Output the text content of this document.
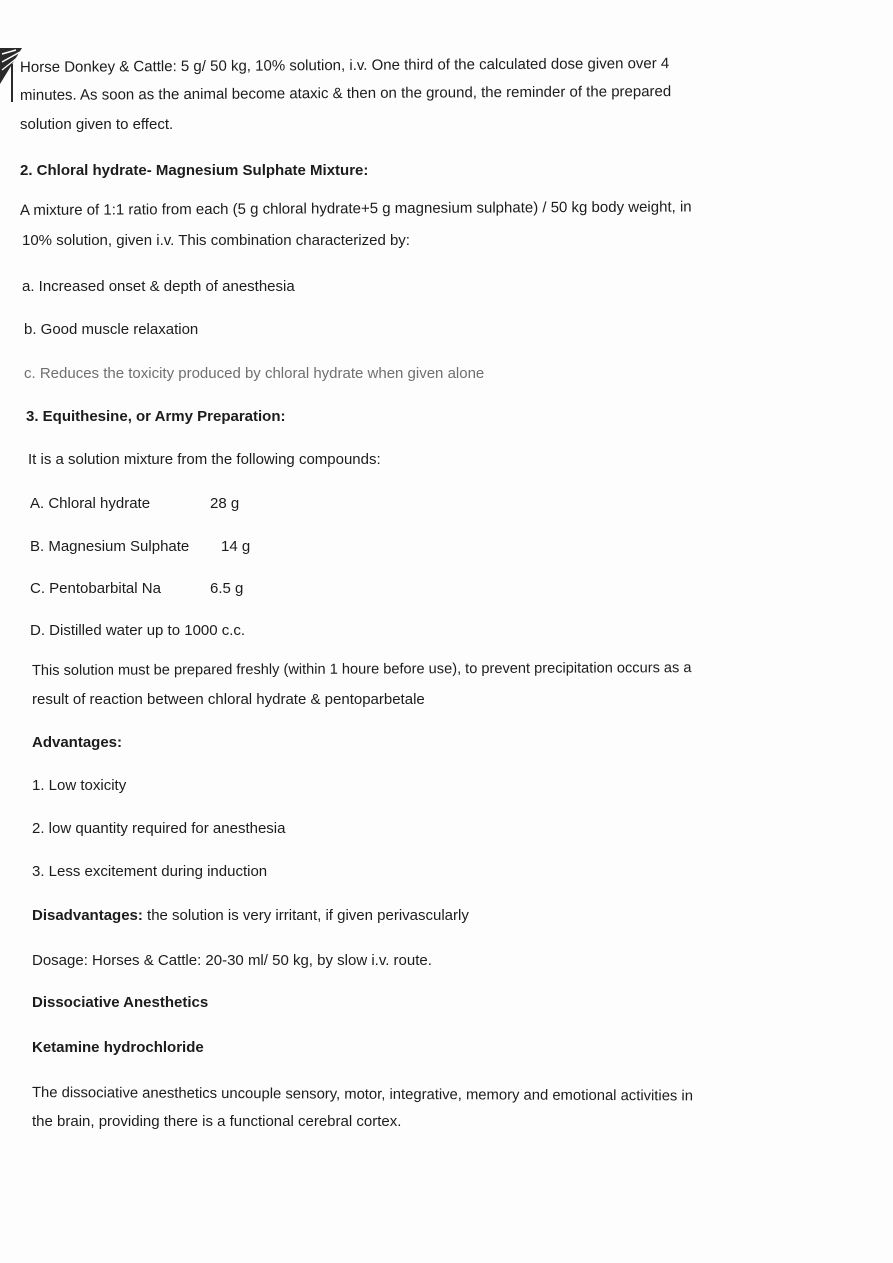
Horse Donkey & Cattle: 5 g/ 50 kg, 10% solution, i.v. One third of the calculated dose given over 4

minutes. As soon as the animal become ataxic & then on the ground, the reminder of the prepared

solution given to effect.

2. Chloral hydrate- Magnesium Sulphate Mixture:

A mixture of 1:1 ratio from each (5 g chloral hydrate+5 g magnesium sulphate) / 50 kg body weight, in

10% solution, given i.v. This combination characterized by:

a. Increased onset & depth of anesthesia

b. Good muscle relaxation

c. Reduces the toxicity produced by chloral hydrate when given alone

3. Equithesine, or Army Preparation:

It is a solution mixture from the following compounds:

A. Chloral hydrate	28 g

B. Magnesium Sulphate 14 g

C. Pentobarbital Na	6.5 g

D. Distilled water up to 1000 c.c.

This solution must be prepared freshly (within 1 houre before use), to prevent precipitation occurs as a

result of reaction between chloral hydrate & pentoparbetale

Advantages:

1. Low toxicity

2. low quantity required for anesthesia

3. Less excitement during induction

Disadvantages: the solution is very irritant, if given perivascularly

Dosage: Horses & Cattle: 20-30 ml/ 50 kg, by slow i.v. route.

Dissociative Anesthetics

Ketamine hydrochloride

The dissociative anesthetics uncouple sensory, motor, integrative, memory and emotional activities in

the brain, providing there is a functional cerebral cortex.
